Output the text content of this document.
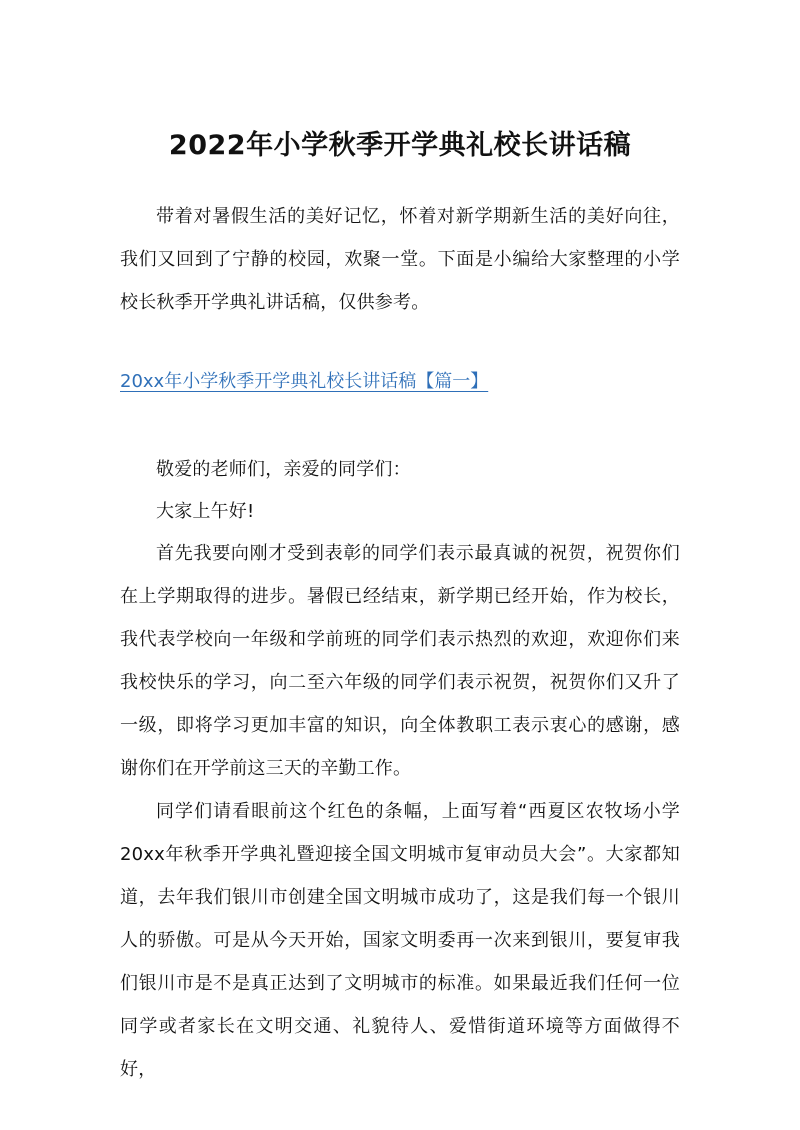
2022年小学秋季开学典礼校长讲话稿

带着对暑假生活的美好记忆，怀着对新学期新生活的美好向往，我们又回到了宁静的校园，欢聚一堂。下面是小编给大家整理的小学校长秋季开学典礼讲话稿，仅供参考。

20xx年小学秋季开学典礼校长讲话稿【篇一】

敬爱的老师们，亲爱的同学们：

大家上午好!

首先我要向刚才受到表彰的同学们表示最真诚的祝贺，祝贺你们在上学期取得的进步。暑假已经结束，新学期已经开始，作为校长，我代表学校向一年级和学前班的同学们表示热烈的欢迎，欢迎你们来我校快乐的学习，向二至六年级的同学们表示祝贺，祝贺你们又升了一级，即将学习更加丰富的知识，向全体教职工表示衷心的感谢，感谢你们在开学前这三天的辛勤工作。

同学们请看眼前这个红色的条幅，上面写着“西夏区农牧场小学20xx年秋季开学典礼暨迎接全国文明城市复审动员大会”。大家都知道，去年我们银川市创建全国文明城市成功了，这是我们每一个银川人的骄傲。可是从今天开始，国家文明委再一次来到银川，要复审我们银川市是不是真正达到了文明城市的标准。如果最近我们任何一位同学或者家长在文明交通、礼貌待人、爱惜街道环境等方面做得不好，
